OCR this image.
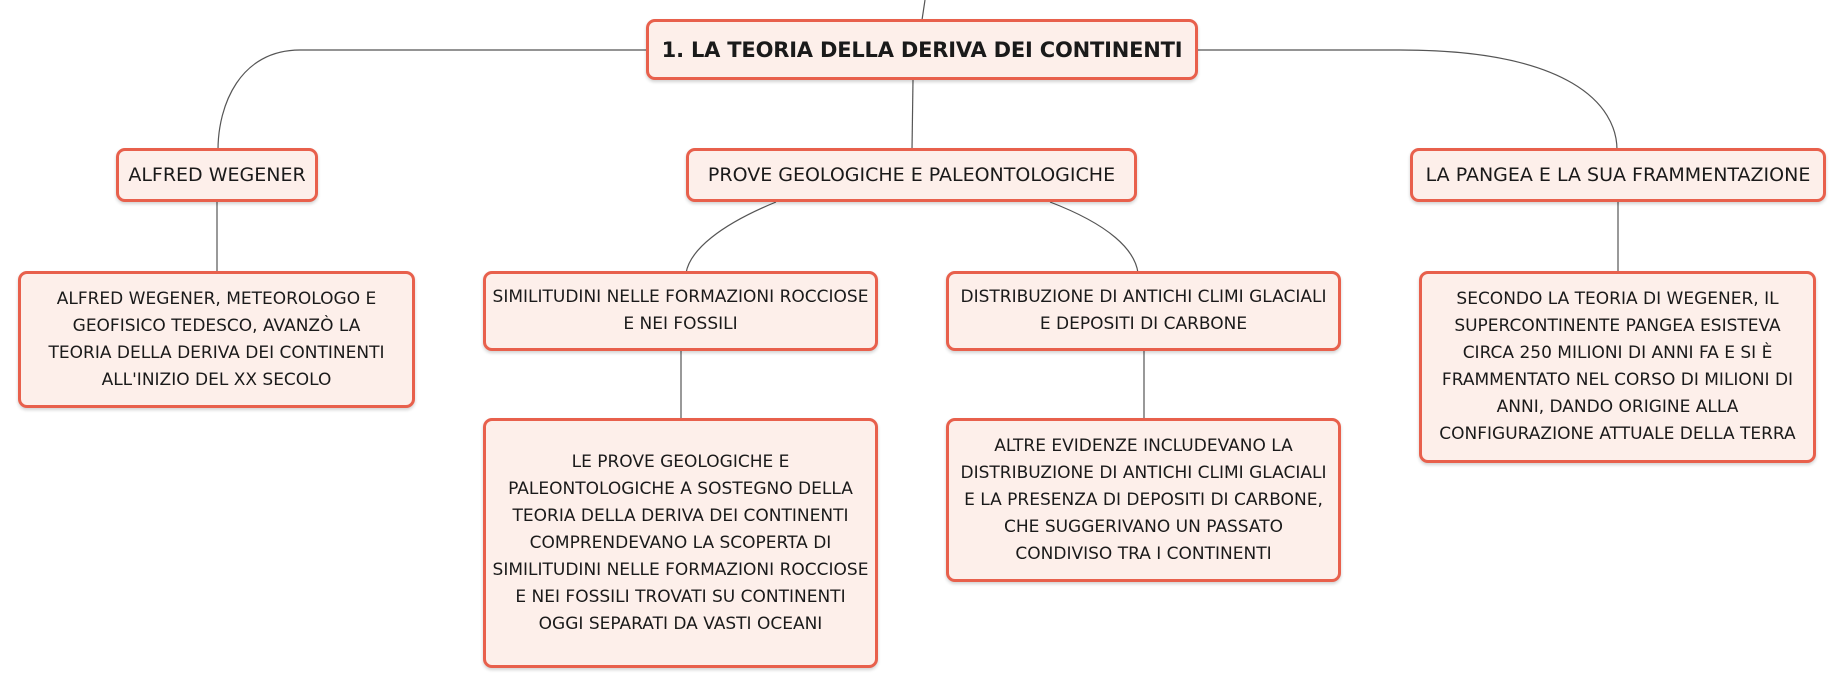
1. LA TEORIA DELLA DERIVA DEI CONTINENTI
ALFRED WEGENER	PROVE GEOLOGICHE E PALEONTOLOGICHE	LA PANGEA E LA SUA FRAMMENTAZIONE
ALFRED WEGENER, METEOROLOGO E GEOFISICO TEDESCO, AVANZÒ LA TEORIA DELLA DERIVA DEI CONTINENTI ALL'INIZIO DEL XX SECOLO
SIMILITUDINI NELLE FORMAZIONI ROCCIOSE E NEI FOSSILI
DISTRIBUZIONE DI ANTICHI CLIMI GLACIALI E DEPOSITI DI CARBONE
LE PROVE GEOLOGICHE E PALEONTOLOGICHE A SOSTEGNO DELLA TEORIA DELLA DERIVA DEI CONTINENTI COMPRENDEVANO LA SCOPERTA DI SIMILITUDINI NELLE FORMAZIONI ROCCIOSE E NEI FOSSILI TROVATI SU CONTINENTI OGGI SEPARATI DA VASTI OCEANI
ALTRE EVIDENZE INCLUDEVANO LA DISTRIBUZIONE DI ANTICHI CLIMI GLACIALI E LA PRESENZA DI DEPOSITI DI CARBONE, CHE SUGGERIVANO UN PASSATO CONDIVISO TRA I CONTINENTI
SECONDO LA TEORIA DI WEGENER, IL SUPERCONTINENTE PANGEA ESISTEVA CIRCA 250 MILIONI DI ANNI FA E SI È FRAMMENTATO NEL CORSO DI MILIONI DI ANNI, DANDO ORIGINE ALLA CONFIGURAZIONE ATTUALE DELLA TERRA
